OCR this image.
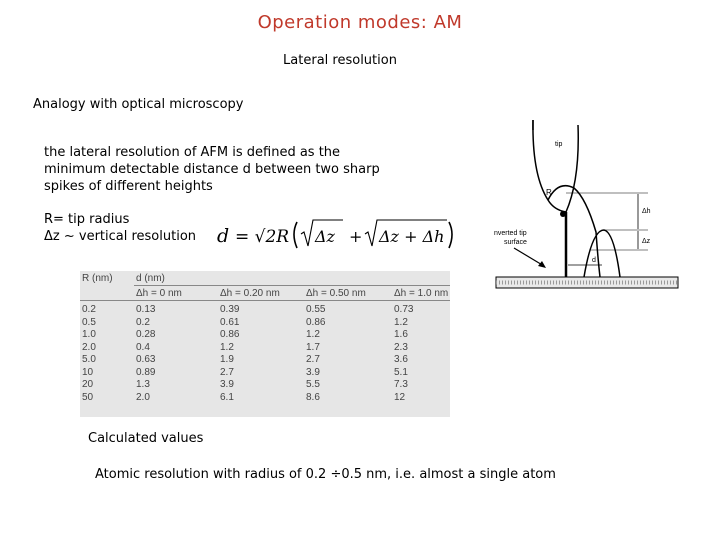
Operation modes: AM
Lateral resolution
Analogy with optical microscopy
the lateral resolution of AFM is defined as the minimum detectable distance d between two sharp spikes of different heights
R= tip radius
Δz ~ vertical resolution d = √2R Δz + Δz + Δh
Δh
Δz
tip
R
nverted tip
surface
d
R (nm)	d (nm)			
	Δh = 0 nm	Δh = 0.20 nm	Δh = 0.50 nm	Δh = 1.0 nm
0.2	0.13	0.39	0.55	0.73
0.5	0.2	0.61	0.86	1.2
1.0	0.28	0.86	1.2	1.6
2.0	0.4	1.2	1.7	2.3
5.0	0.63	1.9	2.7	3.6
10	0.89	2.7	3.9	5.1
20	1.3	3.9	5.5	7.3
50	2.0	6.1	8.6	12
Calculated values
Atomic resolution with radius of 0.2 ÷0.5 nm, i.e. almost a single atom
